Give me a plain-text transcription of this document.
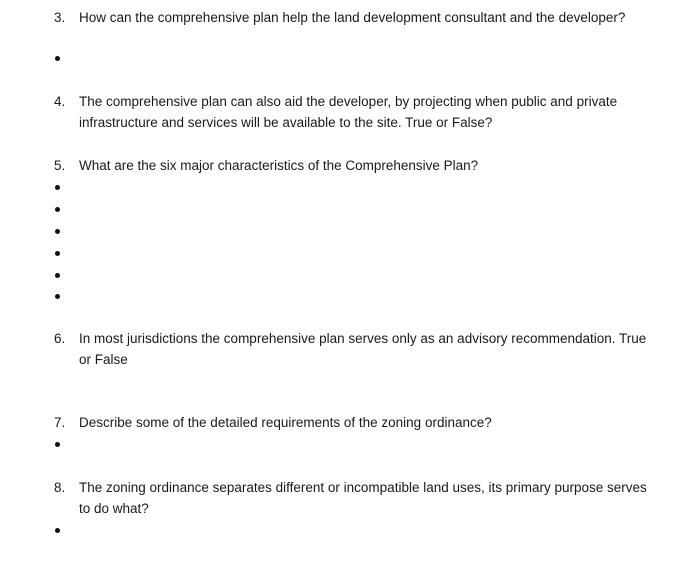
3.	How can the comprehensive plan help the land development consultant and the developer?
4.	The comprehensive plan can also aid the developer, by projecting when public and private infrastructure and services will be available to the site. True or False?
5.	What are the six major characteristics of the Comprehensive Plan?
6.	In most jurisdictions the comprehensive plan serves only as an advisory recommendation. True or False
7.	Describe some of the detailed requirements of the zoning ordinance?
8.	The zoning ordinance separates different or incompatible land uses, its primary purpose serves to do what?
